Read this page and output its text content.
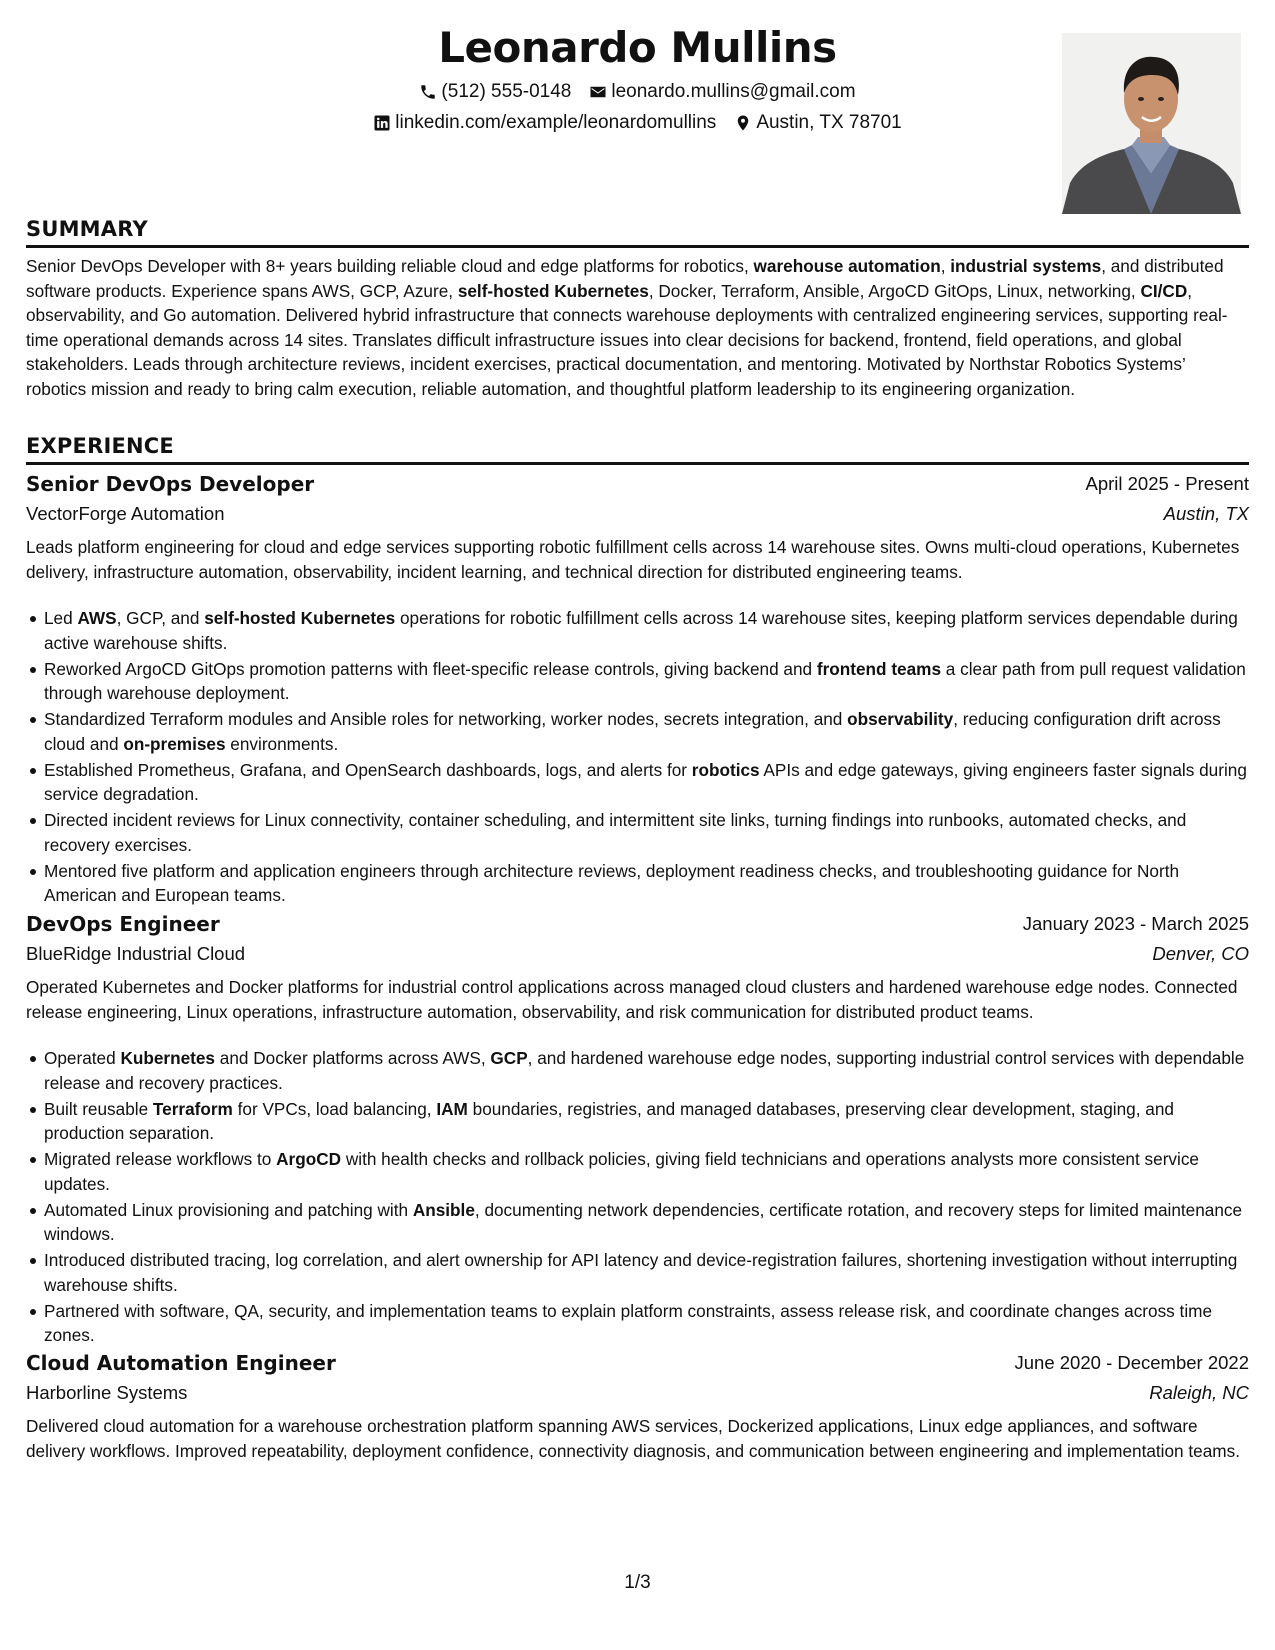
Leonardo Mullins
(512) 555-0148 leonardo.mullins@gmail.com
linkedin.com/example/leonardomullins Austin, TX 78701
SUMMARY
Senior DevOps Developer with 8+ years building reliable cloud and edge platforms for robotics, warehouse automation, industrial systems, and distributed software products. Experience spans AWS, GCP, Azure, self-hosted Kubernetes, Docker, Terraform, Ansible, ArgoCD GitOps, Linux, networking, CI/CD, observability, and Go automation. Delivered hybrid infrastructure that connects warehouse deployments with centralized engineering services, supporting real-time operational demands across 14 sites. Translates difficult infrastructure issues into clear decisions for backend, frontend, field operations, and global stakeholders. Leads through architecture reviews, incident exercises, practical documentation, and mentoring. Motivated by Northstar Robotics Systems’ robotics mission and ready to bring calm execution, reliable automation, and thoughtful platform leadership to its engineering organization.
EXPERIENCE
Senior DevOps Developer	April 2025 - Present
VectorForge Automation	Austin, TX
Leads platform engineering for cloud and edge services supporting robotic fulfillment cells across 14 warehouse sites. Owns multi-cloud operations, Kubernetes delivery, infrastructure automation, observability, incident learning, and technical direction for distributed engineering teams.
Led AWS, GCP, and self-hosted Kubernetes operations for robotic fulfillment cells across 14 warehouse sites, keeping platform services dependable during active warehouse shifts.
Reworked ArgoCD GitOps promotion patterns with fleet-specific release controls, giving backend and frontend teams a clear path from pull request validation through warehouse deployment.
Standardized Terraform modules and Ansible roles for networking, worker nodes, secrets integration, and observability, reducing configuration drift across cloud and on-premises environments.
Established Prometheus, Grafana, and OpenSearch dashboards, logs, and alerts for robotics APIs and edge gateways, giving engineers faster signals during service degradation.
Directed incident reviews for Linux connectivity, container scheduling, and intermittent site links, turning findings into runbooks, automated checks, and recovery exercises.
Mentored five platform and application engineers through architecture reviews, deployment readiness checks, and troubleshooting guidance for North American and European teams.
DevOps Engineer	January 2023 - March 2025
BlueRidge Industrial Cloud	Denver, CO
Operated Kubernetes and Docker platforms for industrial control applications across managed cloud clusters and hardened warehouse edge nodes. Connected release engineering, Linux operations, infrastructure automation, observability, and risk communication for distributed product teams.
Operated Kubernetes and Docker platforms across AWS, GCP, and hardened warehouse edge nodes, supporting industrial control services with dependable release and recovery practices.
Built reusable Terraform for VPCs, load balancing, IAM boundaries, registries, and managed databases, preserving clear development, staging, and production separation.
Migrated release workflows to ArgoCD with health checks and rollback policies, giving field technicians and operations analysts more consistent service updates.
Automated Linux provisioning and patching with Ansible, documenting network dependencies, certificate rotation, and recovery steps for limited maintenance windows.
Introduced distributed tracing, log correlation, and alert ownership for API latency and device-registration failures, shortening investigation without interrupting warehouse shifts.
Partnered with software, QA, security, and implementation teams to explain platform constraints, assess release risk, and coordinate changes across time zones.
Cloud Automation Engineer	June 2020 - December 2022
Harborline Systems	Raleigh, NC
Delivered cloud automation for a warehouse orchestration platform spanning AWS services, Dockerized applications, Linux edge appliances, and software delivery workflows. Improved repeatability, deployment confidence, connectivity diagnosis, and communication between engineering and implementation teams.
1/3
